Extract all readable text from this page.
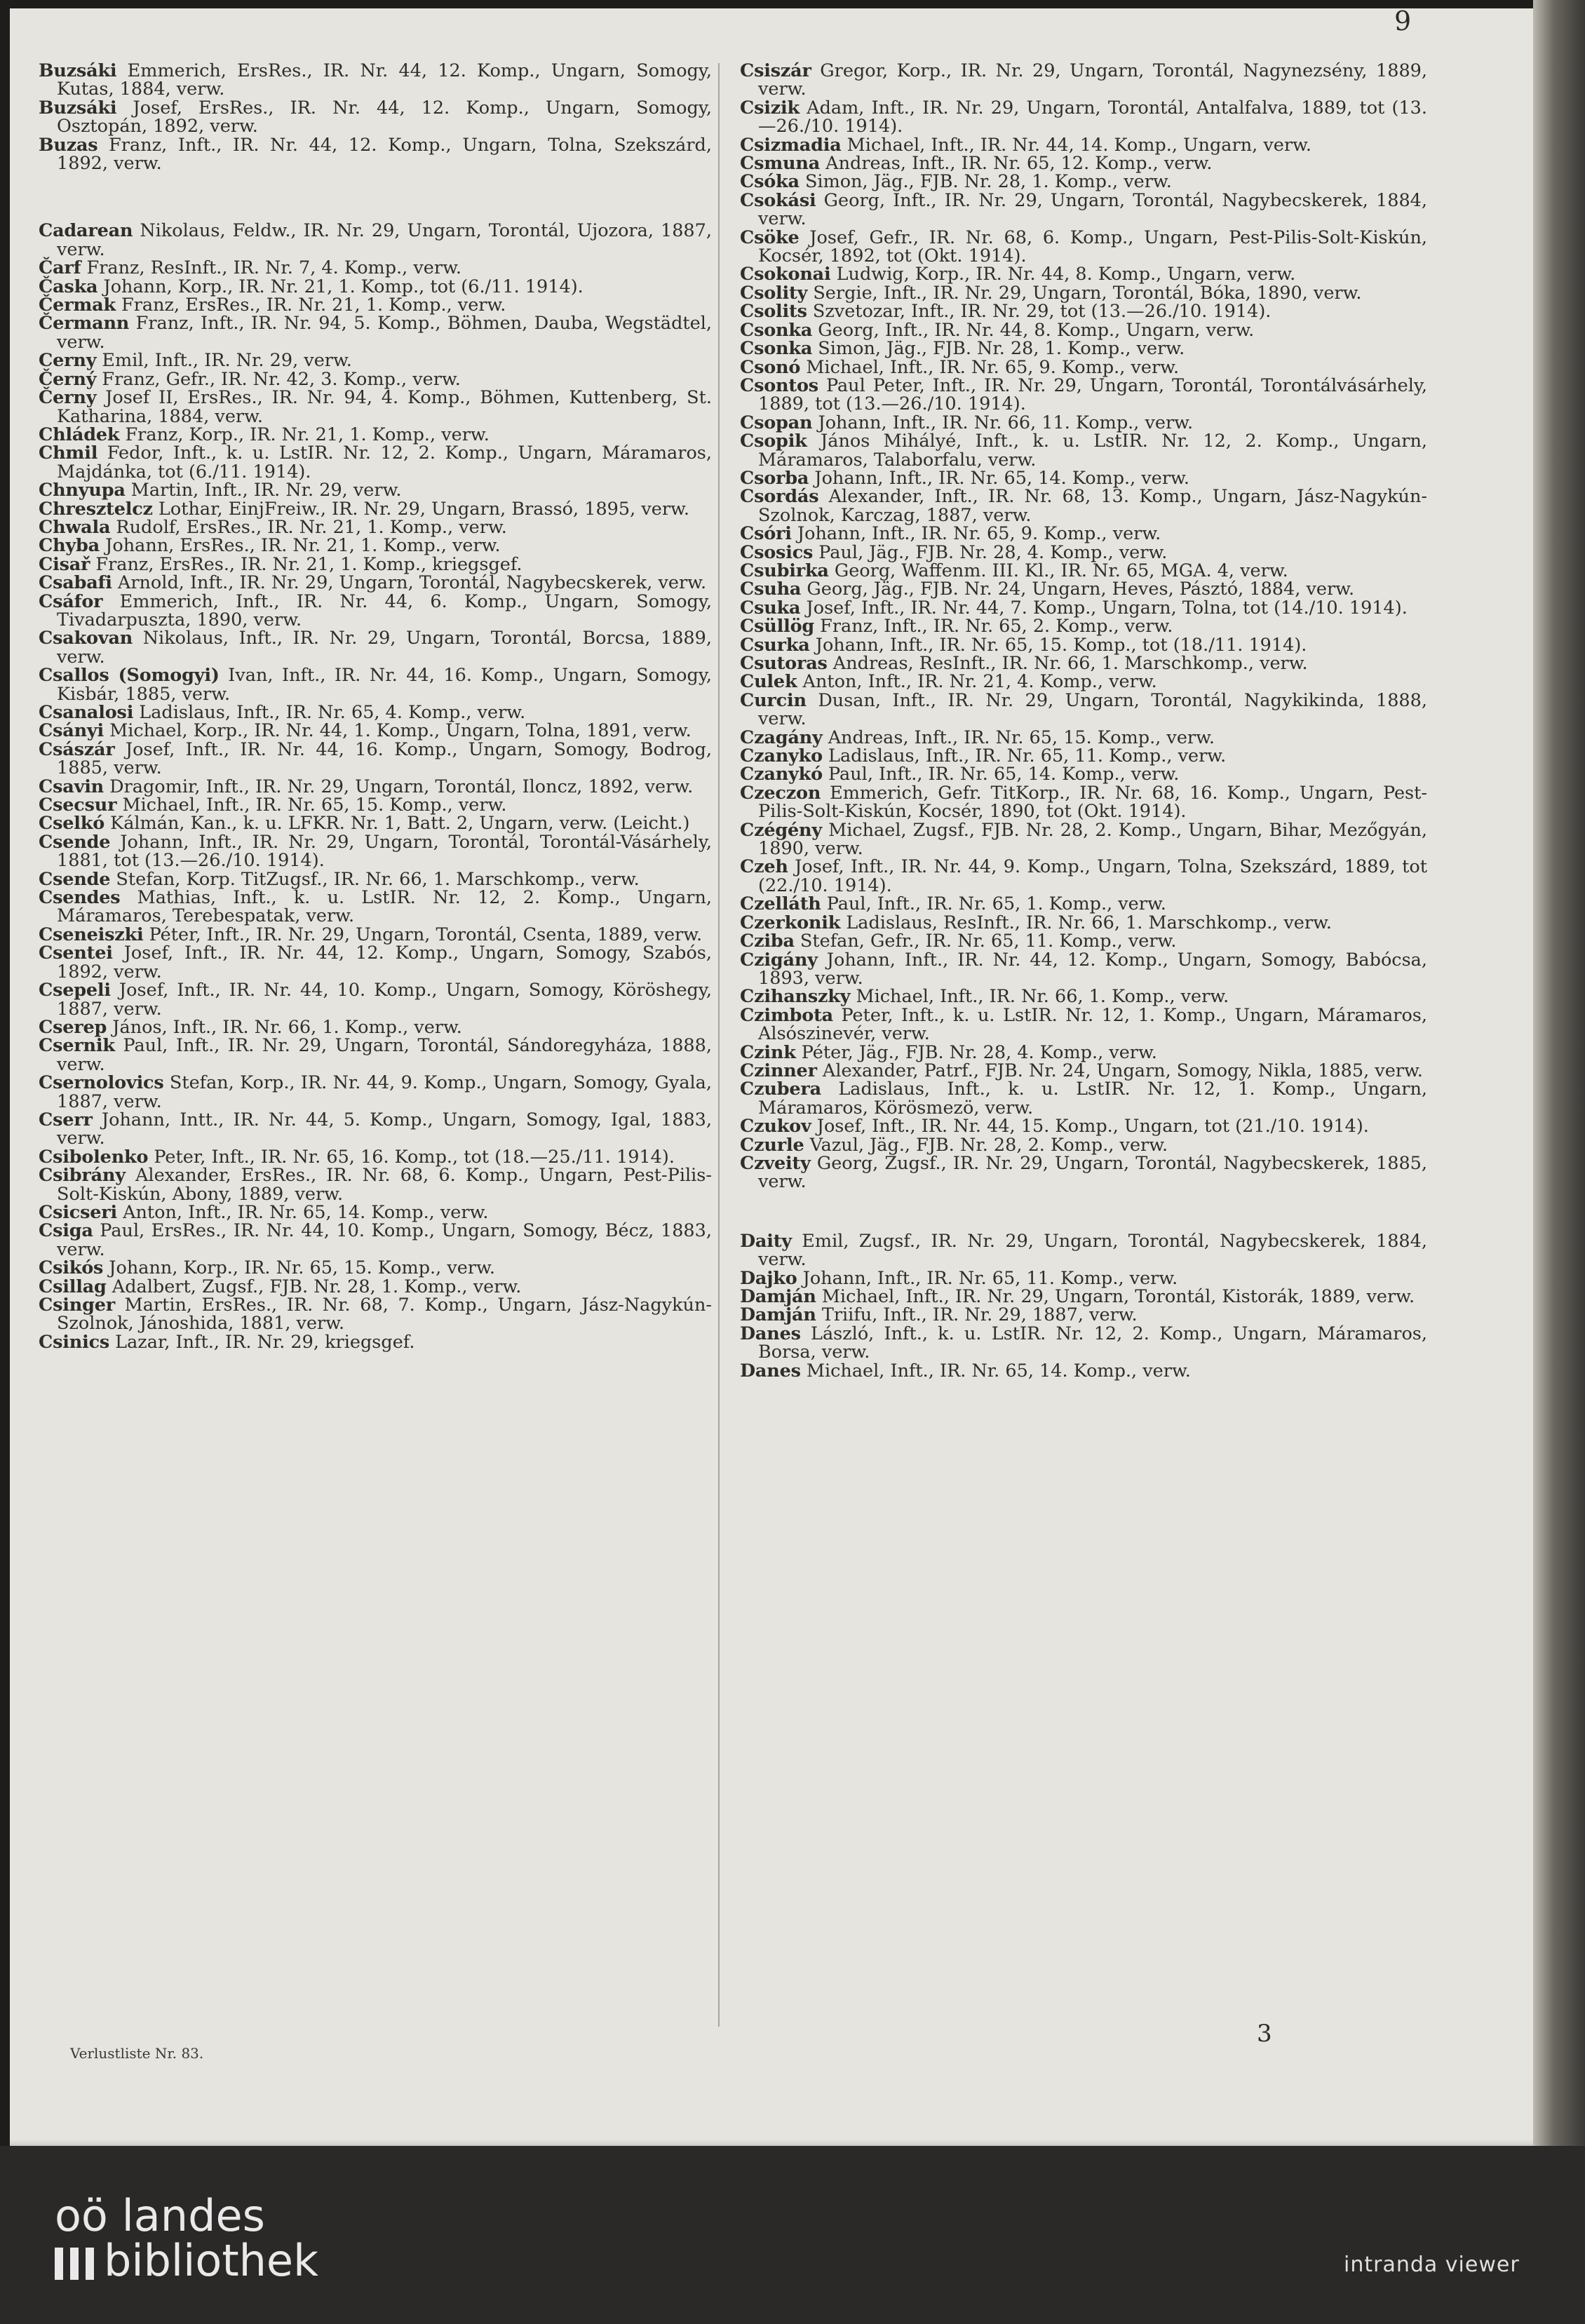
9

Buzsáki Emmerich, ErsRes., IR. Nr. 44, 12. Komp., Ungarn, Somogy, Kutas, 1884, verw.

Buzsáki Josef, ErsRes., IR. Nr. 44, 12. Komp., Ungarn, Somogy, Osztopán, 1892, verw.

Buzas Franz, Inft., IR. Nr. 44, 12. Komp., Ungarn, Tolna, Szekszárd, 1892, verw.

Cadarean Nikolaus, Feldw., IR. Nr. 29, Ungarn, Torontál, Ujozora, 1887, verw.

Čarf Franz, ResInft., IR. Nr. 7, 4. Komp., verw.

Časka Johann, Korp., IR. Nr. 21, 1. Komp., tot (6./11. 1914).

Čermak Franz, ErsRes., IR. Nr. 21, 1. Komp., verw.

Čermann Franz, Inft., IR. Nr. 94, 5. Komp., Böhmen, Dauba, Wegstädtel, verw.

Cerny Emil, Inft., IR. Nr. 29, verw.

Černý Franz, Gefr., IR. Nr. 42, 3. Komp., verw.

Černy Josef II, ErsRes., IR. Nr. 94, 4. Komp., Böhmen, Kuttenberg, St. Katharina, 1884, verw.

Chládek Franz, Korp., IR. Nr. 21, 1. Komp., verw.

Chmil Fedor, Inft., k. u. LstIR. Nr. 12, 2. Komp., Ungarn, Máramaros, Majdánka, tot (6./11. 1914).

Chnyupa Martin, Inft., IR. Nr. 29, verw.

Chresztelcz Lothar, EinjFreiw., IR. Nr. 29, Ungarn, Brassó, 1895, verw.

Chwala Rudolf, ErsRes., IR. Nr. 21, 1. Komp., verw.

Chyba Johann, ErsRes., IR. Nr. 21, 1. Komp., verw.

Cisař Franz, ErsRes., IR. Nr. 21, 1. Komp., kriegsgef.

Csabafi Arnold, Inft., IR. Nr. 29, Ungarn, Torontál, Nagybecskerek, verw.

Csáfor Emmerich, Inft., IR. Nr. 44, 6. Komp., Ungarn, Somogy, Tivadarpuszta, 1890, verw.

Csakovan Nikolaus, Inft., IR. Nr. 29, Ungarn, Torontál, Borcsa, 1889, verw.

Csallos (Somogyi) Ivan, Inft., IR. Nr. 44, 16. Komp., Ungarn, Somogy, Kisbár, 1885, verw.

Csanalosi Ladislaus, Inft., IR. Nr. 65, 4. Komp., verw.

Csányi Michael, Korp., IR. Nr. 44, 1. Komp., Ungarn, Tolna, 1891, verw.

Császár Josef, Inft., IR. Nr. 44, 16. Komp., Ungarn, Somogy, Bodrog, 1885, verw.

Csavin Dragomir, Inft., IR. Nr. 29, Ungarn, Torontál, Iloncz, 1892, verw.

Csecsur Michael, Inft., IR. Nr. 65, 15. Komp., verw.

Cselkó Kálmán, Kan., k. u. LFKR. Nr. 1, Batt. 2, Ungarn, verw. (Leicht.)

Csende Johann, Inft., IR. Nr. 29, Ungarn, Torontál, Torontál-Vásárhely, 1881, tot (13.—26./10. 1914).

Csende Stefan, Korp. TitZugsf., IR. Nr. 66, 1. Marschkomp., verw.

Csendes Mathias, Inft., k. u. LstIR. Nr. 12, 2. Komp., Ungarn, Máramaros, Terebespatak, verw.

Cseneiszki Péter, Inft., IR. Nr. 29, Ungarn, Torontál, Csenta, 1889, verw.

Csentei Josef, Inft., IR. Nr. 44, 12. Komp., Ungarn, Somogy, Szabós, 1892, verw.

Csepeli Josef, Inft., IR. Nr. 44, 10. Komp., Ungarn, Somogy, Köröshegy, 1887, verw.

Cserep János, Inft., IR. Nr. 66, 1. Komp., verw.

Csernik Paul, Inft., IR. Nr. 29, Ungarn, Torontál, Sándoregyháza, 1888, verw.

Csernolovics Stefan, Korp., IR. Nr. 44, 9. Komp., Ungarn, Somogy, Gyala, 1887, verw.

Cserr Johann, Intt., IR. Nr. 44, 5. Komp., Ungarn, Somogy, Igal, 1883, verw.

Csibolenko Peter, Inft., IR. Nr. 65, 16. Komp., tot (18.—25./11. 1914).

Csibrány Alexander, ErsRes., IR. Nr. 68, 6. Komp., Ungarn, Pest-Pilis-Solt-Kiskún, Abony, 1889, verw.

Csicseri Anton, Inft., IR. Nr. 65, 14. Komp., verw.

Csiga Paul, ErsRes., IR. Nr. 44, 10. Komp., Ungarn, Somogy, Bécz, 1883, verw.

Csikós Johann, Korp., IR. Nr. 65, 15. Komp., verw.

Csillag Adalbert, Zugsf., FJB. Nr. 28, 1. Komp., verw.

Csinger Martin, ErsRes., IR. Nr. 68, 7. Komp., Ungarn, Jász-Nagykún-Szolnok, Jánoshida, 1881, verw.

Csinics Lazar, Inft., IR. Nr. 29, kriegsgef.

Csiszár Gregor, Korp., IR. Nr. 29, Ungarn, Torontál, Nagynezsény, 1889, verw.

Csizik Adam, Inft., IR. Nr. 29, Ungarn, Torontál, Antalfalva, 1889, tot (13.—26./10. 1914).

Csizmadia Michael, Inft., IR. Nr. 44, 14. Komp., Ungarn, verw.

Csmuna Andreas, Inft., IR. Nr. 65, 12. Komp., verw.

Csóka Simon, Jäg., FJB. Nr. 28, 1. Komp., verw.

Csokási Georg, Inft., IR. Nr. 29, Ungarn, Torontál, Nagybecskerek, 1884, verw.

Csöke Josef, Gefr., IR. Nr. 68, 6. Komp., Ungarn, Pest-Pilis-Solt-Kiskún, Kocsér, 1892, tot (Okt. 1914).

Csokonai Ludwig, Korp., IR. Nr. 44, 8. Komp., Ungarn, verw.

Csolity Sergie, Inft., IR. Nr. 29, Ungarn, Torontál, Bóka, 1890, verw.

Csolits Szvetozar, Inft., IR. Nr. 29, tot (13.—26./10. 1914).

Csonka Georg, Inft., IR. Nr. 44, 8. Komp., Ungarn, verw.

Csonka Simon, Jäg., FJB. Nr. 28, 1. Komp., verw.

Csonó Michael, Inft., IR. Nr. 65, 9. Komp., verw.

Csontos Paul Peter, Inft., IR. Nr. 29, Ungarn, Torontál, Torontálvásárhely, 1889, tot (13.—26./10. 1914).

Csopan Johann, Inft., IR. Nr. 66, 11. Komp., verw.

Csopik János Mihályé, Inft., k. u. LstIR. Nr. 12, 2. Komp., Ungarn, Máramaros, Talaborfalu, verw.

Csorba Johann, Inft., IR. Nr. 65, 14. Komp., verw.

Csordás Alexander, Inft., IR. Nr. 68, 13. Komp., Ungarn, Jász-Nagykún-Szolnok, Karczag, 1887, verw.

Csóri Johann, Inft., IR. Nr. 65, 9. Komp., verw.

Csosics Paul, Jäg., FJB. Nr. 28, 4. Komp., verw.

Csubirka Georg, Waffenm. III. Kl., IR. Nr. 65, MGA. 4, verw.

Csuha Georg, Jäg., FJB. Nr. 24, Ungarn, Heves, Pásztó, 1884, verw.

Csuka Josef, Inft., IR. Nr. 44, 7. Komp., Ungarn, Tolna, tot (14./10. 1914).

Csüllög Franz, Inft., IR. Nr. 65, 2. Komp., verw.

Csurka Johann, Inft., IR. Nr. 65, 15. Komp., tot (18./11. 1914).

Csutoras Andreas, ResInft., IR. Nr. 66, 1. Marschkomp., verw.

Culek Anton, Inft., IR. Nr. 21, 4. Komp., verw.

Curcin Dusan, Inft., IR. Nr. 29, Ungarn, Torontál, Nagykikinda, 1888, verw.

Czagány Andreas, Inft., IR. Nr. 65, 15. Komp., verw.

Czanyko Ladislaus, Inft., IR. Nr. 65, 11. Komp., verw.

Czanykó Paul, Inft., IR. Nr. 65, 14. Komp., verw.

Czeczon Emmerich, Gefr. TitKorp., IR. Nr. 68, 16. Komp., Ungarn, Pest-Pilis-Solt-Kiskún, Kocsér, 1890, tot (Okt. 1914).

Czégény Michael, Zugsf., FJB. Nr. 28, 2. Komp., Ungarn, Bihar, Mezőgyán, 1890, verw.

Czeh Josef, Inft., IR. Nr. 44, 9. Komp., Ungarn, Tolna, Szekszárd, 1889, tot (22./10. 1914).

Czelláth Paul, Inft., IR. Nr. 65, 1. Komp., verw.

Czerkonik Ladislaus, ResInft., IR. Nr. 66, 1. Marschkomp., verw.

Cziba Stefan, Gefr., IR. Nr. 65, 11. Komp., verw.

Czigány Johann, Inft., IR. Nr. 44, 12. Komp., Ungarn, Somogy, Babócsa, 1893, verw.

Czihanszky Michael, Inft., IR. Nr. 66, 1. Komp., verw.

Czimbota Peter, Inft., k. u. LstIR. Nr. 12, 1. Komp., Ungarn, Máramaros, Alsószinevér, verw.

Czink Péter, Jäg., FJB. Nr. 28, 4. Komp., verw.

Czinner Alexander, Patrf., FJB. Nr. 24, Ungarn, Somogy, Nikla, 1885, verw.

Czubera Ladislaus, Inft., k. u. LstIR. Nr. 12, 1. Komp., Ungarn, Máramaros, Körösmezö, verw.

Czukov Josef, Inft., IR. Nr. 44, 15. Komp., Ungarn, tot (21./10. 1914).

Czurle Vazul, Jäg., FJB. Nr. 28, 2. Komp., verw.

Czveity Georg, Zugsf., IR. Nr. 29, Ungarn, Torontál, Nagybecskerek, 1885, verw.

Daity Emil, Zugsf., IR. Nr. 29, Ungarn, Torontál, Nagybecskerek, 1884, verw.

Dajko Johann, Inft., IR. Nr. 65, 11. Komp., verw.

Damján Michael, Inft., IR. Nr. 29, Ungarn, Torontál, Kistorák, 1889, verw.

Damján Triifu, Inft., IR. Nr. 29, 1887, verw.

Danes László, Inft., k. u. LstIR. Nr. 12, 2. Komp., Ungarn, Máramaros, Borsa, verw.

Danes Michael, Inft., IR. Nr. 65, 14. Komp., verw.

3
Verlustliste Nr. 83.
oö landes
bibliothek	intranda viewer
